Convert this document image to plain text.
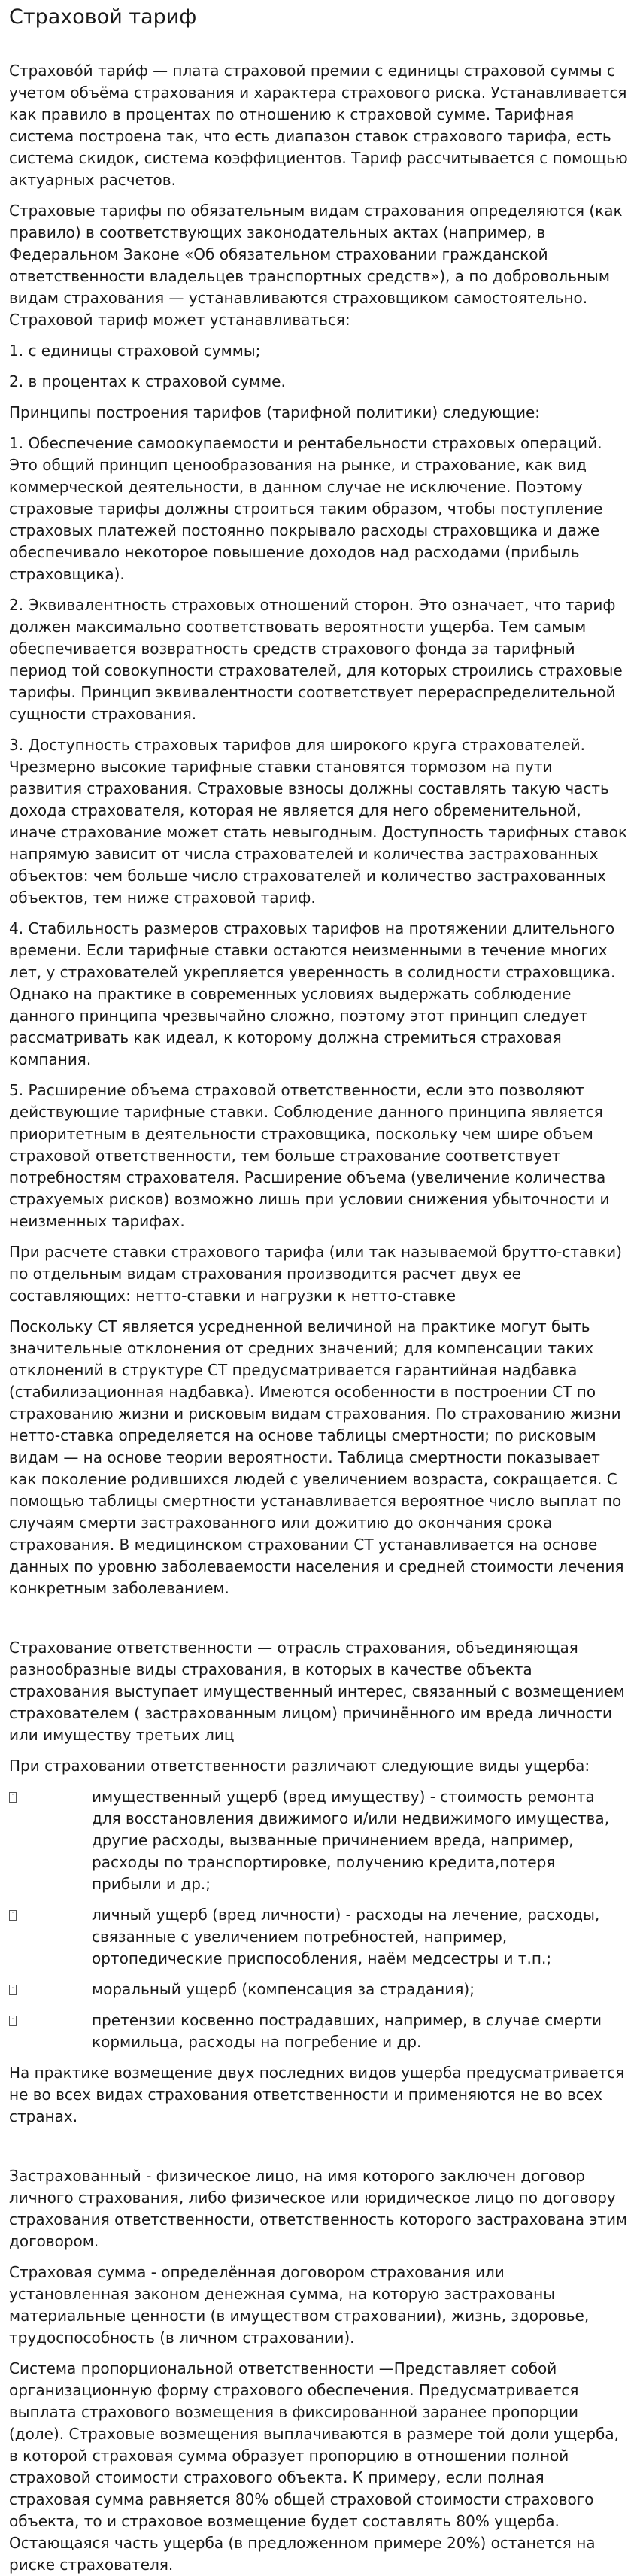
Страховой тариф

Страхово́й тари́ф — плата страховой премии с единицы страховой суммы с учетом объёма страхования и характера страхового риска. Устанавливается как правило в процентах по отношению к страховой сумме. Тарифная система построена так, что есть диапазон ставок страхового тарифа, есть система скидок, система коэффициентов. Тариф рассчитывается с помощью актуарных расчетов.

Страховые тарифы по обязательным видам страхования определяются (как правило) в соответствующих законодательных актах (например, в Федеральном Законе «Об обязательном страховании гражданской ответственности владельцев транспортных средств»), а по добровольным видам страхования — устанавливаются страховщиком самостоятельно. Страховой тариф может устанавливаться:

1. с единицы страховой суммы;

2. в процентах к страховой сумме.

Принципы построения тарифов (тарифной политики) следующие:

1. Обеспечение самоокупаемости и рентабельности страховых операций. Это общий принцип ценообразования на рынке, и страхование, как вид коммерческой деятельности, в данном случае не исключение. Поэтому страховые тарифы должны строиться таким образом, чтобы поступление страховых платежей постоянно покрывало расходы страховщика и даже обеспечивало некоторое повышение доходов над расходами (прибыль страховщика).

2. Эквивалентность страховых отношений сторон. Это означает, что тариф должен максимально соответствовать вероятности ущерба. Тем самым обеспечивается возвратность средств страхового фонда за тарифный период той совокупности страхователей, для которых строились страховые тарифы. Принцип эквивалентности соответствует перераспределительной сущности страхования.

3. Доступность страховых тарифов для широкого круга страхователей. Чрезмерно высокие тарифные ставки становятся тормозом на пути развития страхования. Страховые взносы должны составлять такую часть дохода страхователя, которая не является для него обременительной, иначе страхование может стать невыгодным. Доступность тарифных ставок напрямую зависит от числа страхователей и количества застрахованных объектов: чем больше число страхователей и количество застрахованных объектов, тем ниже страховой тариф.

4. Стабильность размеров страховых тарифов на протяжении длительного времени. Если тарифные ставки остаются неизменными в течение многих лет, у страхователей укрепляется уверенность в солидности страховщика. Однако на практике в современных условиях выдержать соблюдение данного принципа чрезвычайно сложно, поэтому этот принцип следует рассматривать как идеал, к которому должна стремиться страховая компания.

5. Расширение объема страховой ответственности, если это позволяют действующие тарифные ставки. Соблюдение данного принципа является приоритетным в деятельности страховщика, поскольку чем шире объем страховой ответственности, тем больше страхование соответствует потребностям страхователя. Расширение объема (увеличение количества страхуемых рисков) возможно лишь при условии снижения убыточности и неизменных тарифах.

При расчете ставки страхового тарифа (или так называемой брутто-ставки) по отдельным видам страхования производится расчет двух ее составляющих: нетто-ставки и нагрузки к нетто-ставке

Поскольку СТ является усредненной величиной на практике могут быть значительные отклонения от средних значений; для компенсации таких отклонений в структуре СТ предусматривается гарантийная надбавка (стабилизационная надбавка). Имеются особенности в построении СТ по страхованию жизни и рисковым видам страхования. По страхованию жизни нетто-ставка определяется на основе таблицы смертности; по рисковым видам — на основе теории вероятности. Таблица смертности показывает как поколение родившихся людей с увеличением возраста, сокращается. С помощью таблицы смертности устанавливается вероятное число выплат по случаям смерти застрахованного или дожитию до окончания срока страхования. В медицинском страховании СТ устанавливается на основе данных по уровню заболеваемости населения и средней стоимости лечения конкретным заболеванием.

Страхование ответственности — отрасль страхования, объединяющая разнообразные виды страхования, в которых в качестве объекта страхования выступает имущественный интерес, связанный с возмещением страхователем ( застрахованным лицом) причинённого им вреда личности или имуществу третьих лиц

При страховании ответственности различают следующие виды ущерба:

·	имущественный ущерб (вред имуществу) - стоимость ремонта для восстановления движимого и/или недвижимого имущества, другие расходы, вызванные причинением вреда, например, расходы по транспортировке, получению кредита,потеря прибыли и др.;
·	личный ущерб (вред личности) - расходы на лечение, расходы, связанные с увеличением потребностей, например, ортопедические приспособления, наём медсестры и т.п.;
·	моральный ущерб (компенсация за страдания);
·	претензии косвенно пострадавших, например, в случае смерти кормильца, расходы на погребение и др.

На практике возмещение двух последних видов ущерба предусматривается не во всех видах страхования ответственности и применяются не во всех странах.

Застрахованный - физическое лицо, на имя которого заключен договор личного страхования, либо физическое или юридическое лицо по договору страхования ответственности, ответственность которого застрахована этим договором.

Страховая сумма - определённая договором страхования или установленная законом денежная сумма, на которую застрахованы материальные ценности (в имуществом страховании), жизнь, здоровье, трудоспособность (в личном страховании).

Система пропорциональной ответственности —Представляет собой организационную форму страхового обеспечения. Предусматривается выплата страхового возмещения в фиксированной заранее пропорции (доле). Страховые возмещения выплачиваются в размере той доли ущерба, в которой страховая сумма образует пропорцию в отношении полной страховой стоимости страхового объекта. К примеру, если полная страховая сумма равняется 80% общей страховой стоимости страхового объекта, то и страховое возмещение будет составлять 80% ущерба. Остающаяся часть ущерба (в предложенном примере 20%) останется на риске страхователя.
